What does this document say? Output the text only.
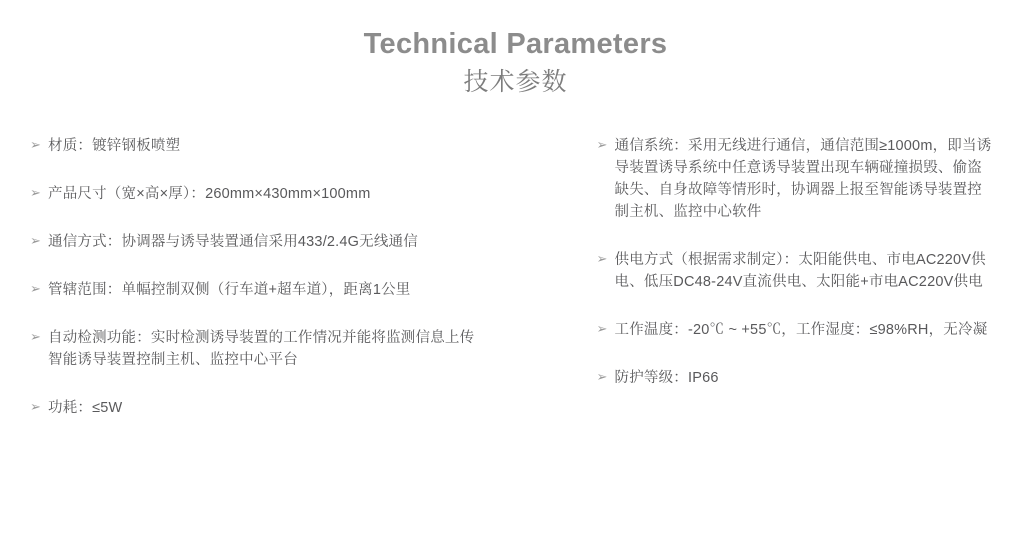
Technical Parameters
技术参数
➢ 材质：镀锌钢板喷塑
➢ 产品尺寸（宽×高×厚）：260mm×430mm×100mm
➢ 通信方式：协调器与诱导装置通信采用433/2.4G无线通信
➢ 管辖范围：单幅控制双侧（行车道+超车道），距离1公里
➢ 自动检测功能：实时检测诱导装置的工作情况并能将监测信息上传智能诱导装置控制主机、监控中心平台
➢ 功耗：≤5W
➢ 通信系统：采用无线进行通信，通信范围≥1000m，即当诱导装置诱导系统中任意诱导装置出现车辆碰撞损毁、偷盗缺失、自身故障等情形时，协调器上报至智能诱导装置控制主机、监控中心软件
➢ 供电方式（根据需求制定）：太阳能供电、市电AC220V供电、低压DC48-24V直流供电、太阳能+市电AC220V供电
➢ 工作温度：-20℃ ~ +55℃，工作湿度：≤98%RH，无冷凝
➢ 防护等级：IP66
